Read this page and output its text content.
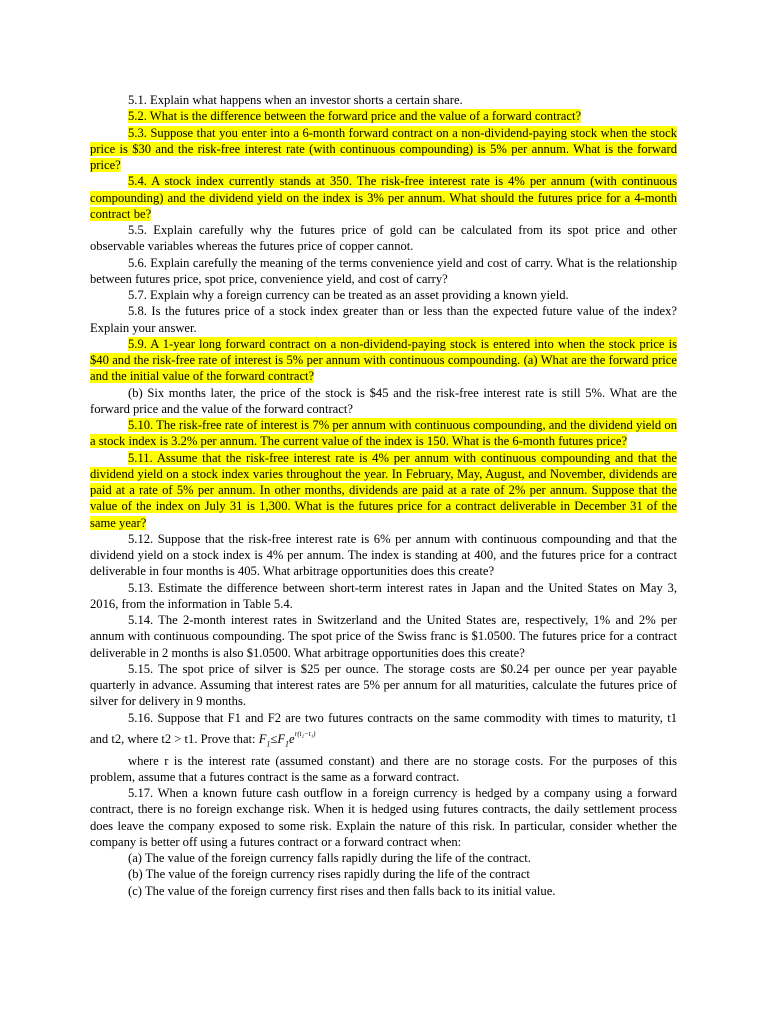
5.1. Explain what happens when an investor shorts a certain share.

5.2. What is the difference between the forward price and the value of a forward contract?

5.3. Suppose that you enter into a 6-month forward contract on a non-dividend-paying stock when the stock price is $30 and the risk-free interest rate (with continuous compounding) is 5% per annum. What is the forward price?

5.4. A stock index currently stands at 350. The risk-free interest rate is 4% per annum (with continuous compounding) and the dividend yield on the index is 3% per annum. What should the futures price for a 4-month contract be?

5.5. Explain carefully why the futures price of gold can be calculated from its spot price and other observable variables whereas the futures price of copper cannot.

5.6. Explain carefully the meaning of the terms convenience yield and cost of carry. What is the relationship between futures price, spot price, convenience yield, and cost of carry?

5.7. Explain why a foreign currency can be treated as an asset providing a known yield.

5.8. Is the futures price of a stock index greater than or less than the expected future value of the index? Explain your answer.

5.9. A 1-year long forward contract on a non-dividend-paying stock is entered into when the stock price is $40 and the risk-free rate of interest is 5% per annum with continuous compounding. (a) What are the forward price and the initial value of the forward contract?

(b) Six months later, the price of the stock is $45 and the risk-free interest rate is still 5%. What are the forward price and the value of the forward contract?

5.10. The risk-free rate of interest is 7% per annum with continuous compounding, and the dividend yield on a stock index is 3.2% per annum. The current value of the index is 150. What is the 6-month futures price?

5.11. Assume that the risk-free interest rate is 4% per annum with continuous compounding and that the dividend yield on a stock index varies throughout the year. In February, May, August, and November, dividends are paid at a rate of 5% per annum. In other months, dividends are paid at a rate of 2% per annum. Suppose that the value of the index on July 31 is 1,300. What is the futures price for a contract deliverable in December 31 of the same year?

5.12. Suppose that the risk-free interest rate is 6% per annum with continuous compounding and that the dividend yield on a stock index is 4% per annum. The index is standing at 400, and the futures price for a contract deliverable in four months is 405. What arbitrage opportunities does this create?

5.13. Estimate the difference between short-term interest rates in Japan and the United States on May 3, 2016, from the information in Table 5.4.

5.14. The 2-month interest rates in Switzerland and the United States are, respectively, 1% and 2% per annum with continuous compounding. The spot price of the Swiss franc is $1.0500. The futures price for a contract deliverable in 2 months is also $1.0500. What arbitrage opportunities does this create?

5.15. The spot price of silver is $25 per ounce. The storage costs are $0.24 per ounce per year payable quarterly in advance. Assuming that interest rates are 5% per annum for all maturities, calculate the futures price of silver for delivery in 9 months.

5.16. Suppose that F1 and F2 are two futures contracts on the same commodity with times to maturity, t1 and t2, where t2 > t1. Prove that: $F_1\le F_1e^{r(t_2-t_1)}$

where r is the interest rate (assumed constant) and there are no storage costs. For the purposes of this problem, assume that a futures contract is the same as a forward contract.

5.17. When a known future cash outflow in a foreign currency is hedged by a company using a forward contract, there is no foreign exchange risk. When it is hedged using futures contracts, the daily settlement process does leave the company exposed to some risk. Explain the nature of this risk. In particular, consider whether the company is better off using a futures contract or a forward contract when:

(a) The value of the foreign currency falls rapidly during the life of the contract.

(b) The value of the foreign currency rises rapidly during the life of the contract

(c) The value of the foreign currency first rises and then falls back to its initial value.
